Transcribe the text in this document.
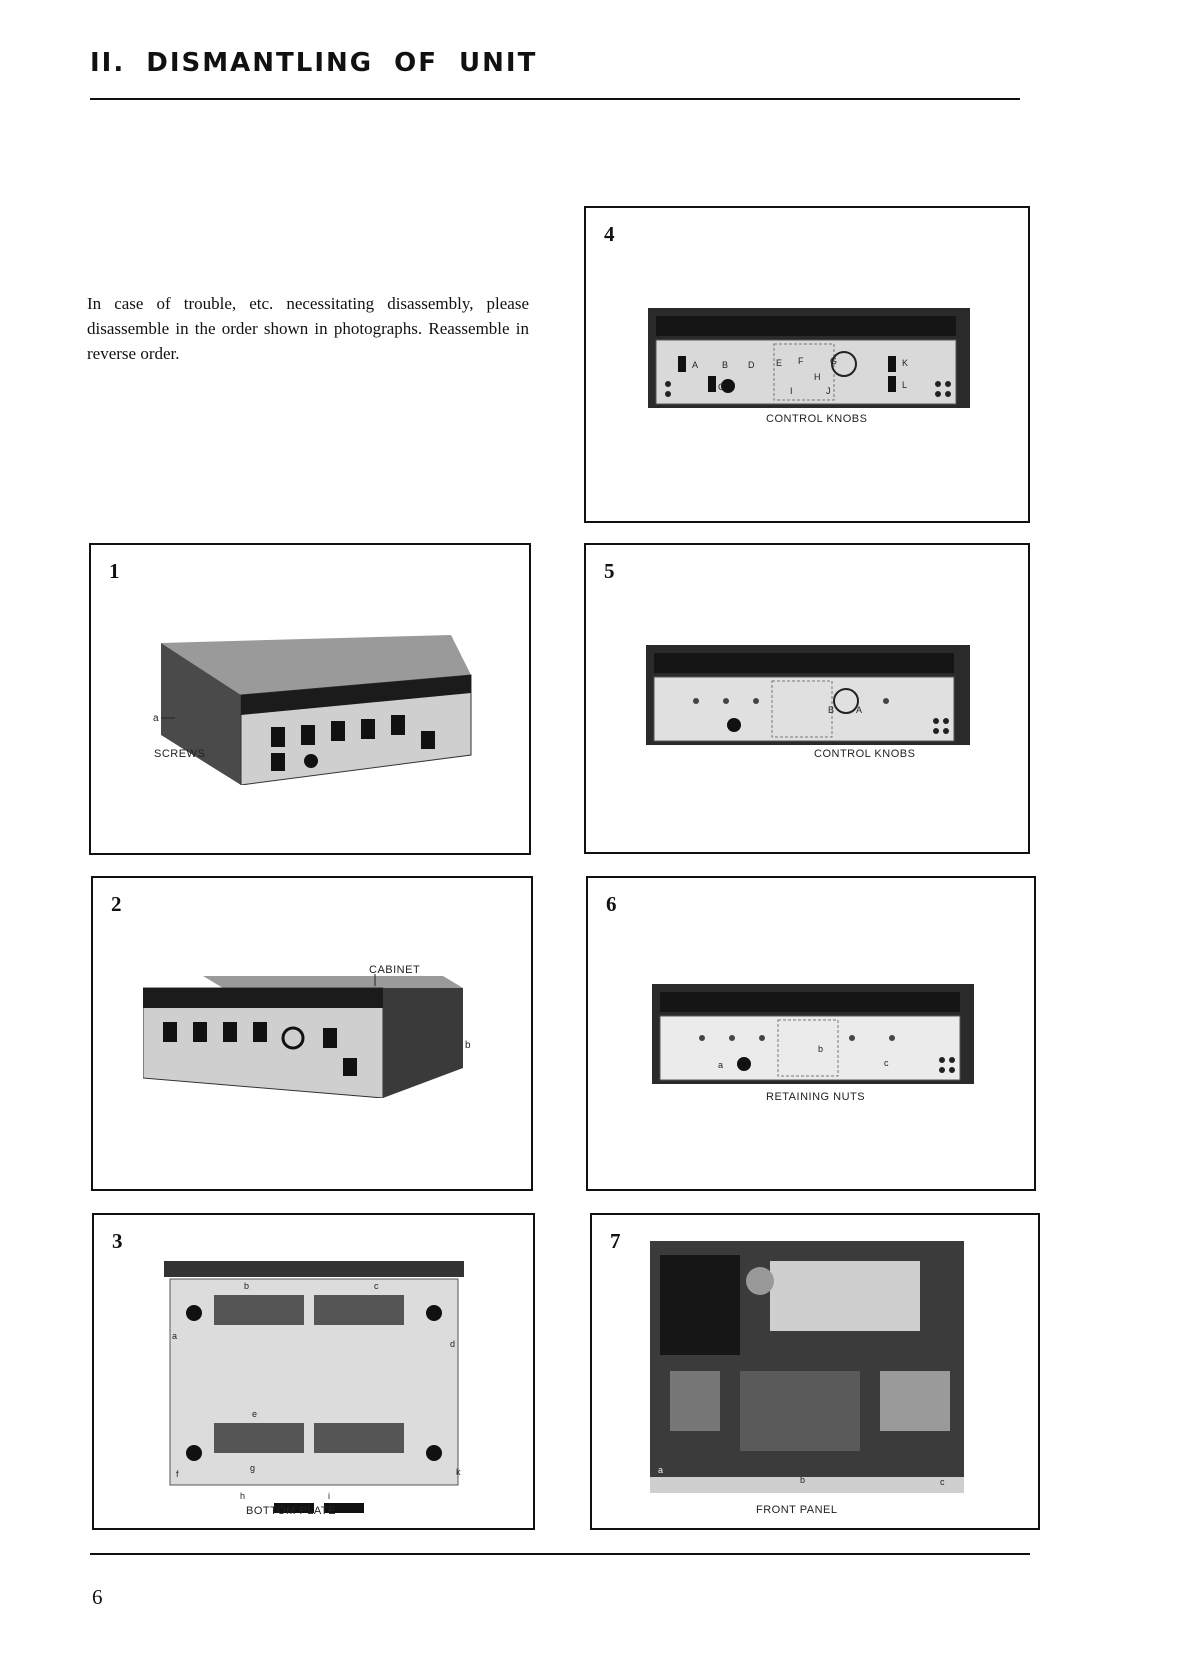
II. DISMANTLING OF UNIT
In case of trouble, etc. necessitating disassembly, please disassemble in the order shown in photographs. Reassemble in reverse order.
4
A	B
C
D E F	G
H
I	J
K
L
CONTROL KNOBS
1
a
SCREWS
5
A
B
CONTROL KNOBS
2
b
CABINET
6
a
b
c
RETAINING NUTS
3
b	c
a
d
e
f
g
h	i
k
BOTTOM PLATE
7
a
b	c
FRONT PANEL
6
